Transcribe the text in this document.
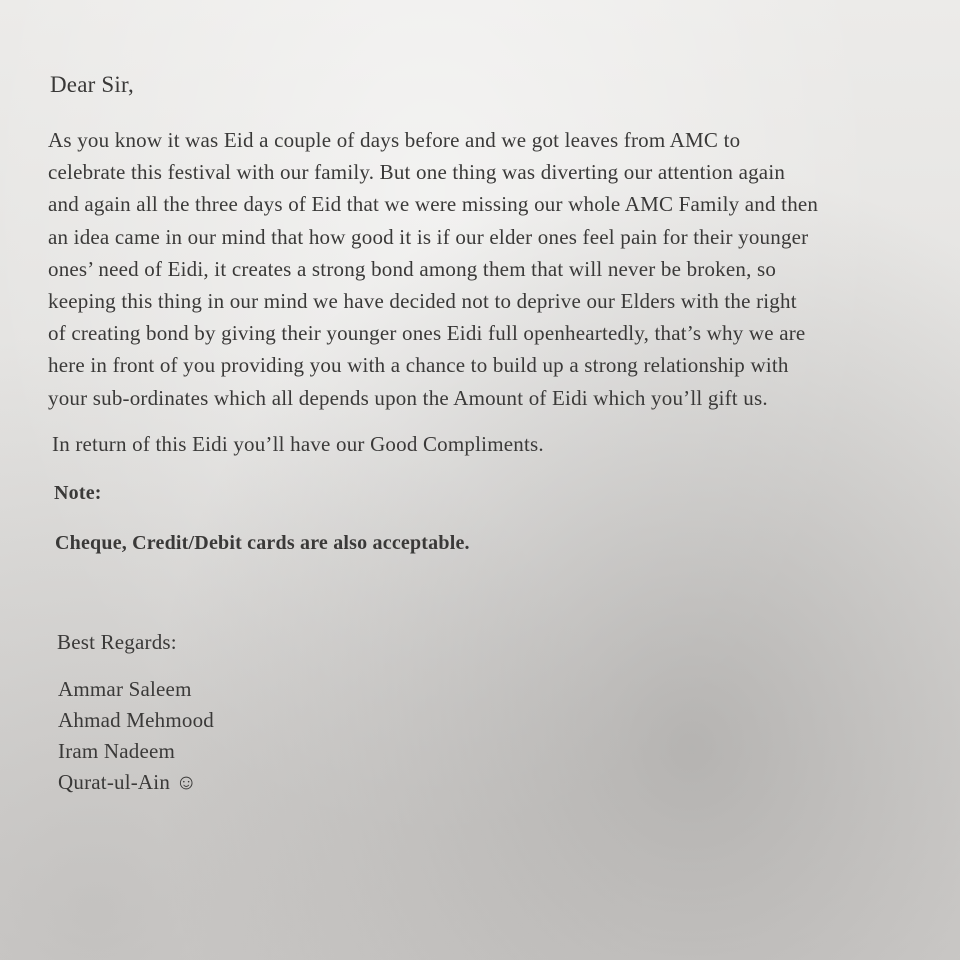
Dear Sir,

As you know it was Eid a couple of days before and we got leaves from AMC to
celebrate this festival with our family. But one thing was diverting our attention again
and again all the three days of Eid that we were missing our whole AMC Family and then
an idea came in our mind that how good it is if our elder ones feel pain for their younger
ones’ need of Eidi, it creates a strong bond among them that will never be broken, so
keeping this thing in our mind we have decided not to deprive our Elders with the right
of creating bond by giving their younger ones Eidi full openheartedly, that’s why we are
here in front of you providing you with a chance to build up a strong relationship with
your sub-ordinates which all depends upon the Amount of Eidi which you’ll gift us.

In return of this Eidi you’ll have our Good Compliments.

Note:

Cheque, Credit/Debit cards are also acceptable.

Best Regards:

Ammar Saleem
Ahmad Mehmood
Iram Nadeem
Qurat-ul-Ain ☺
